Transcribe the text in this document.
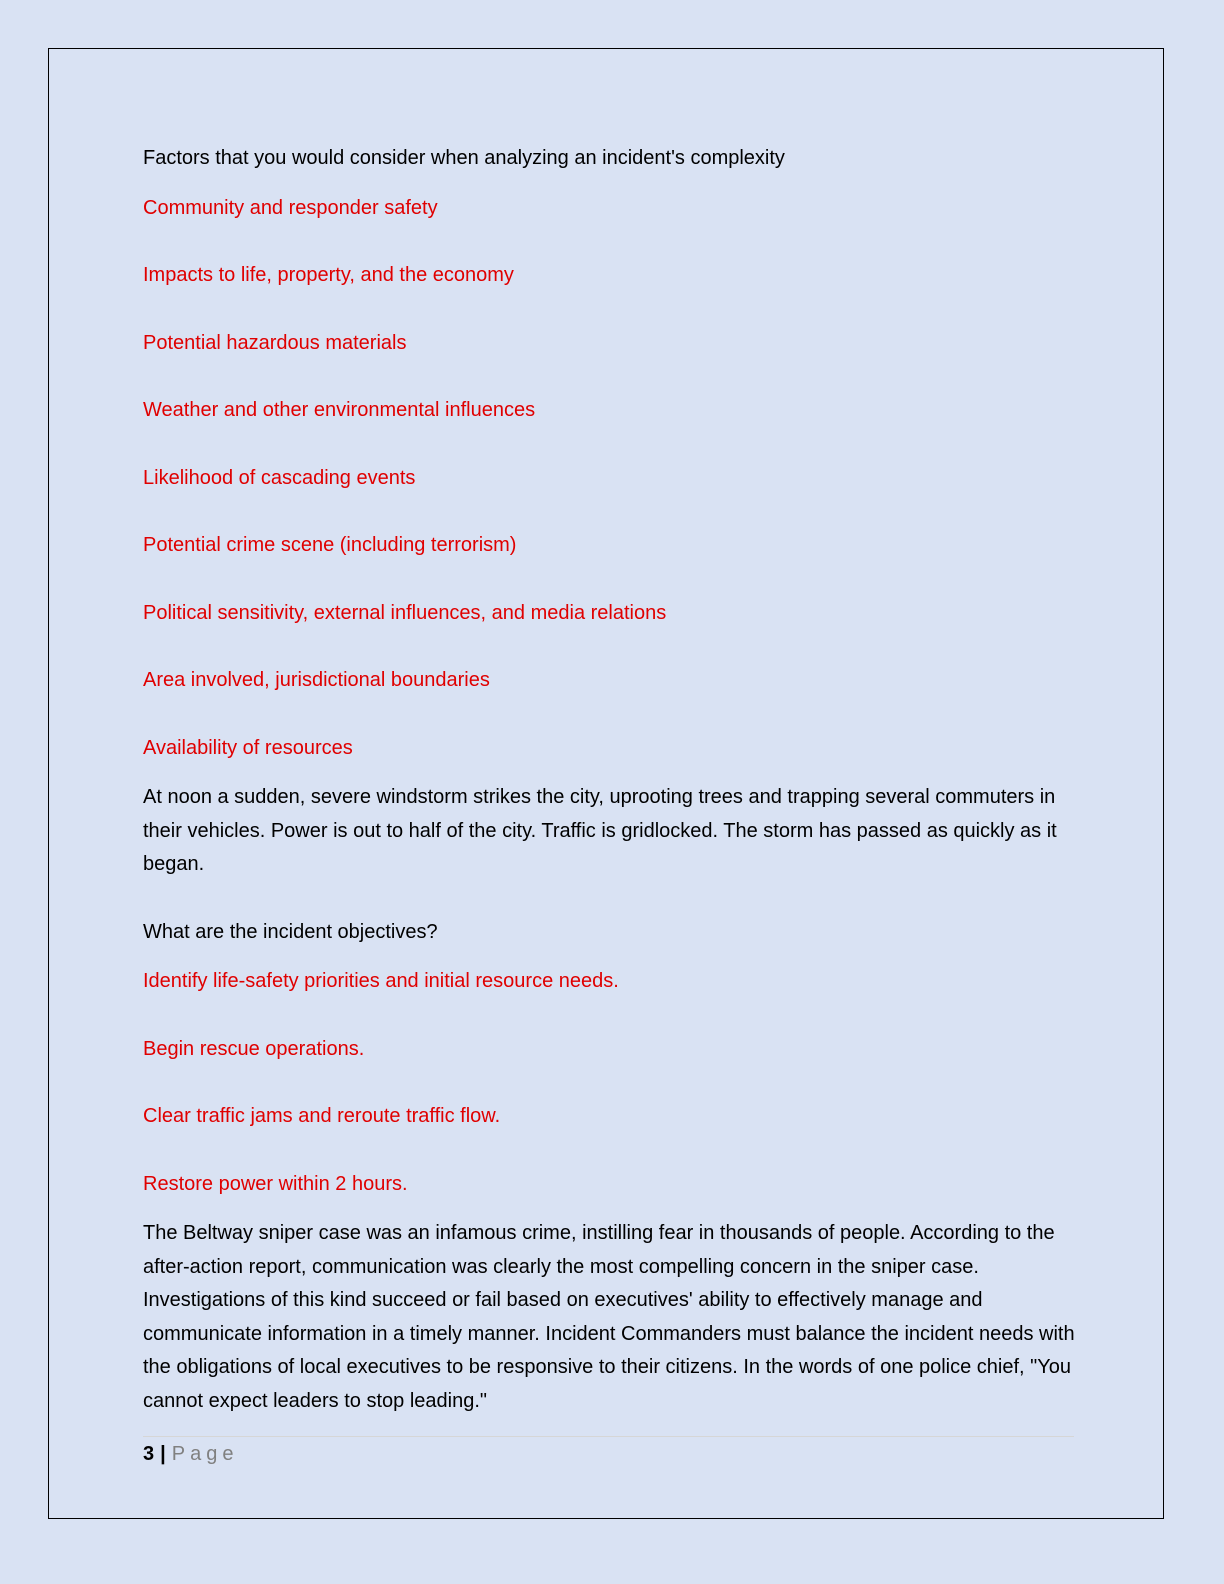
Factors that you would consider when analyzing an incident's complexity

Community and responder safety

Impacts to life, property, and the economy

Potential hazardous materials

Weather and other environmental influences

Likelihood of cascading events

Potential crime scene (including terrorism)

Political sensitivity, external influences, and media relations

Area involved, jurisdictional boundaries

Availability of resources

At noon a sudden, severe windstorm strikes the city, uprooting trees and trapping several commuters in their vehicles. Power is out to half of the city. Traffic is gridlocked. The storm has passed as quickly as it began.

What are the incident objectives?

Identify life-safety priorities and initial resource needs.

Begin rescue operations.

Clear traffic jams and reroute traffic flow.

Restore power within 2 hours.

The Beltway sniper case was an infamous crime, instilling fear in thousands of people. According to the after-action report, communication was clearly the most compelling concern in the sniper case. Investigations of this kind succeed or fail based on executives' ability to effectively manage and communicate information in a timely manner. Incident Commanders must balance the incident needs with the obligations of local executives to be responsive to their citizens. In the words of one police chief, "You cannot expect leaders to stop leading."

3 | Page
